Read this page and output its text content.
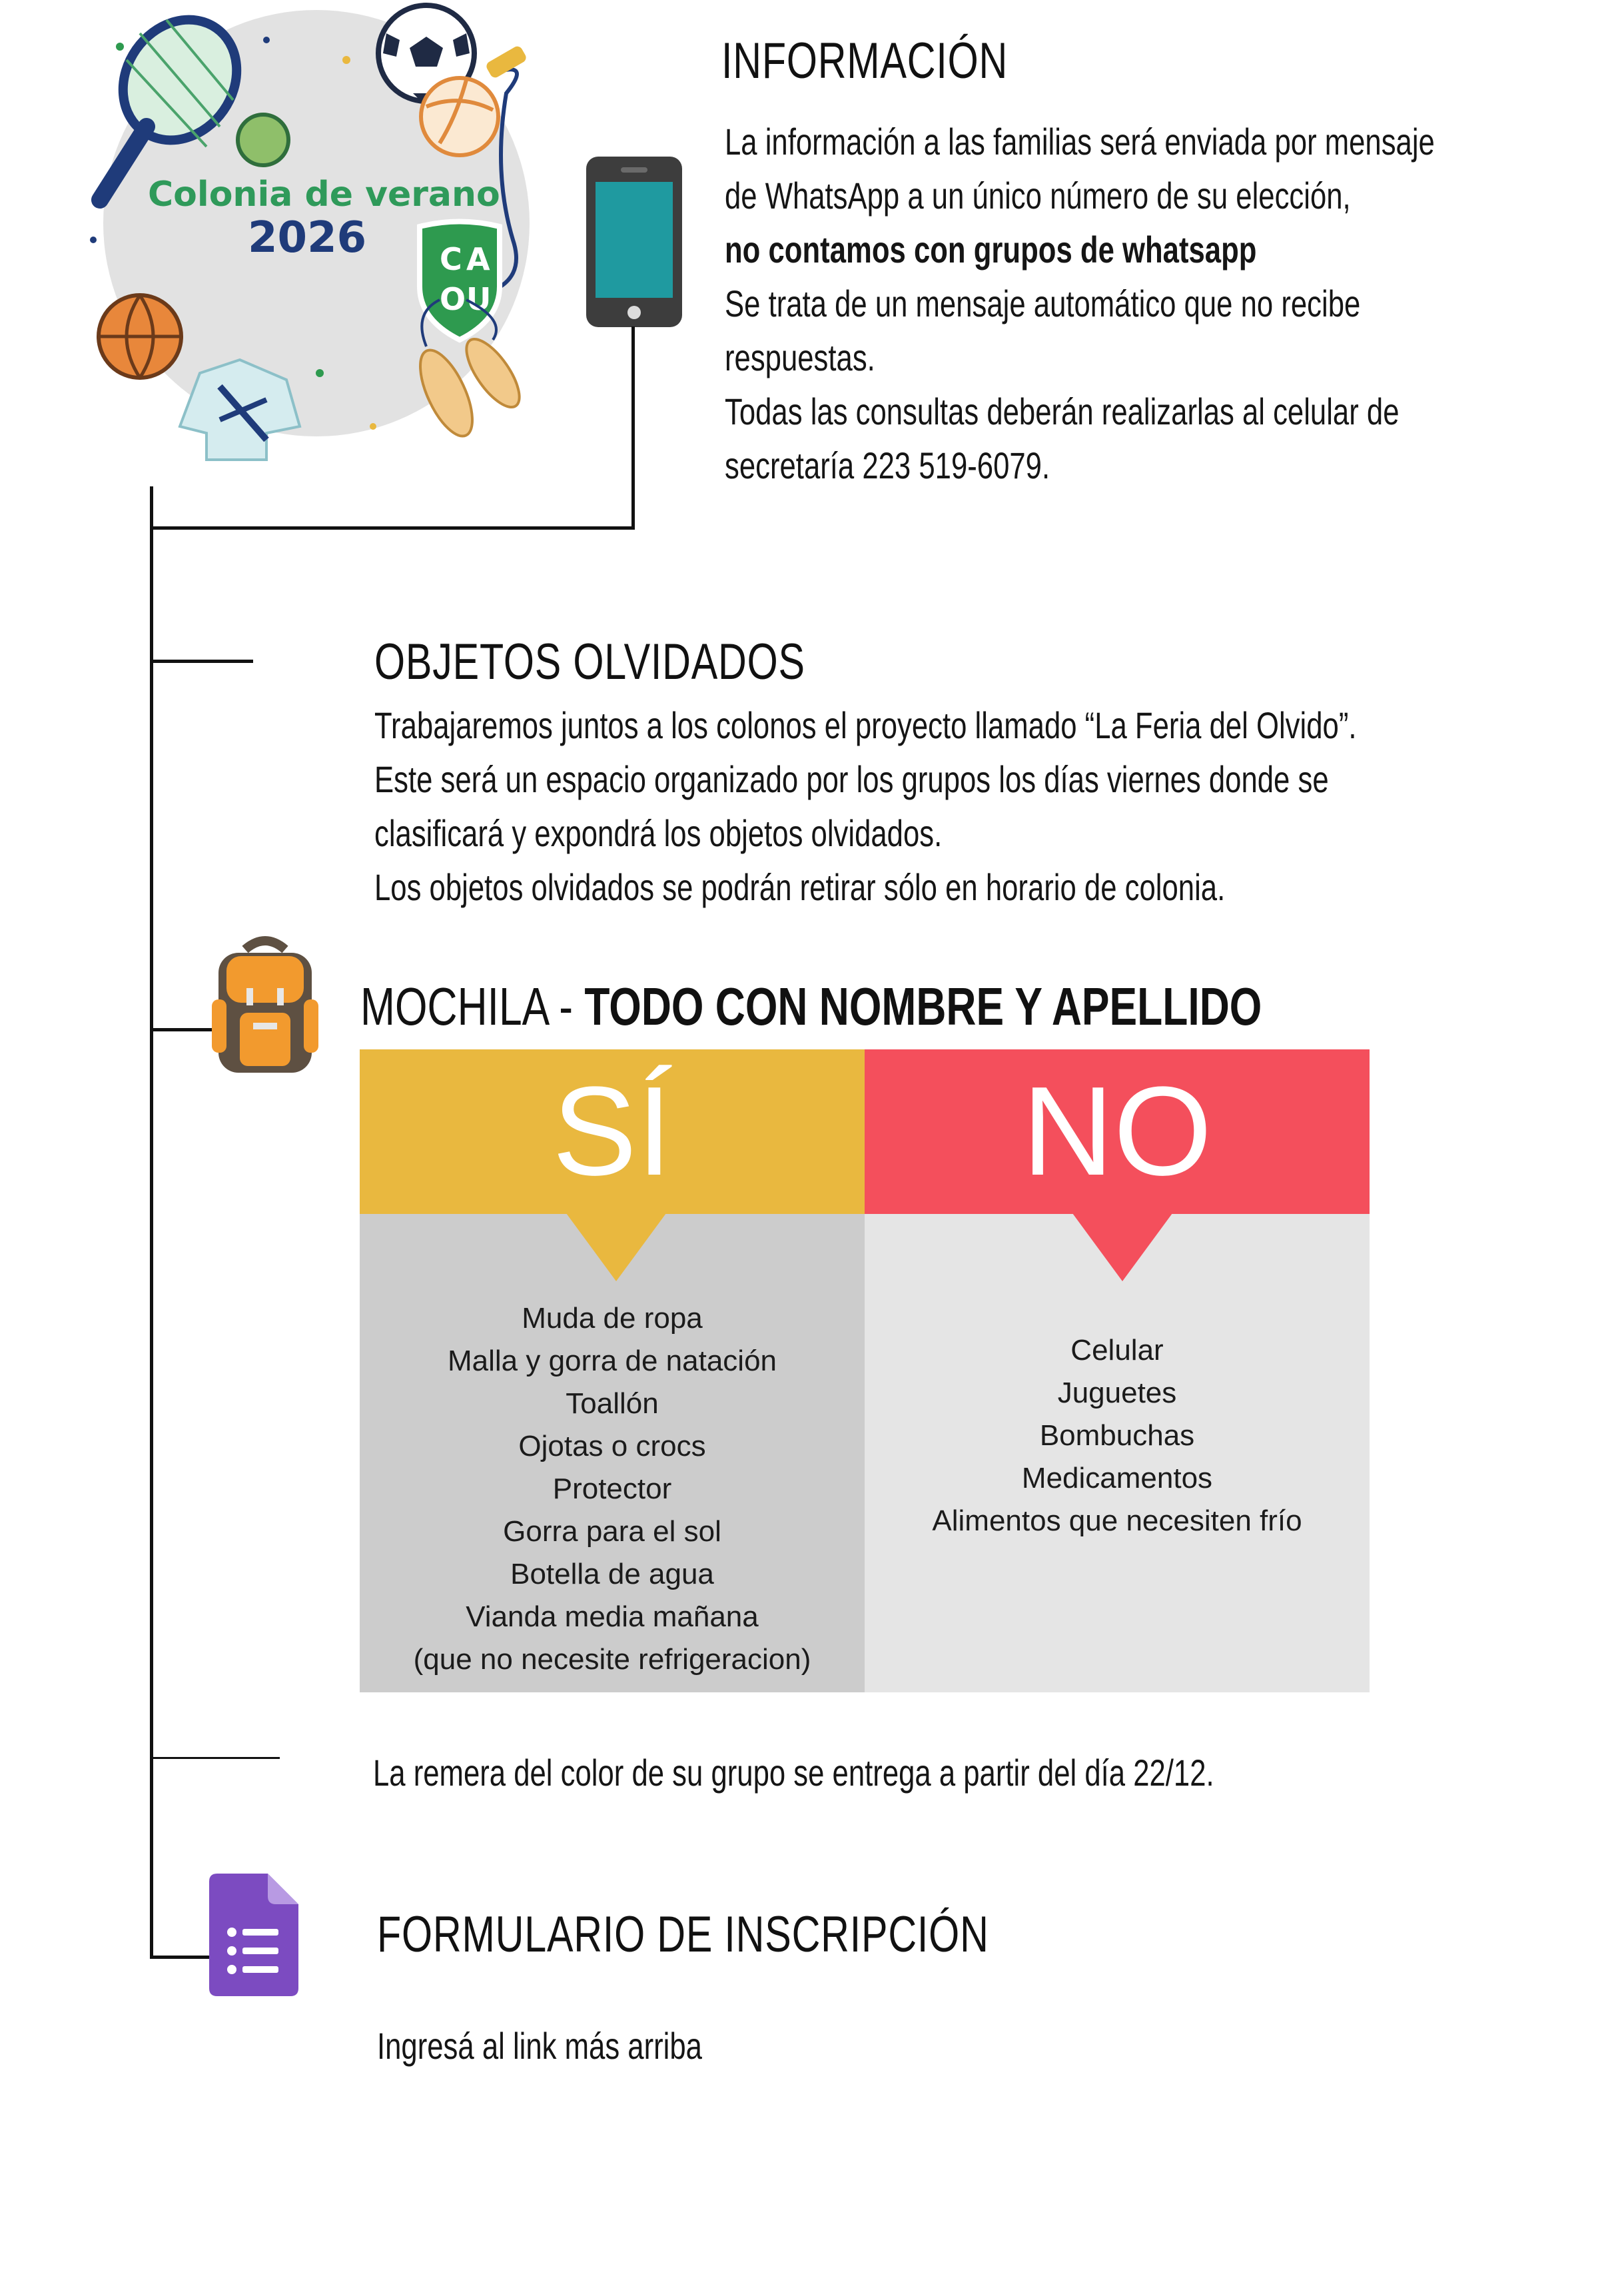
C A
O U
Colonia de verano
2026
INFORMACIÓN

La información a las familias será enviada por mensaje

de WhatsApp a un único número de su elección,

no contamos con grupos de whatsapp

Se trata de un mensaje automático que no recibe

respuestas.

Todas las consultas deberán realizarlas al celular de

secretaría 223 519-6079.

OBJETOS OLVIDADOS

Trabajaremos juntos a los colonos el proyecto llamado “La Feria del Olvido”.

Este será un espacio organizado por los grupos los días viernes donde se

clasificará y expondrá los objetos olvidados.

Los objetos olvidados se podrán retirar sólo en horario de colonia.

MOCHILA - TODO CON NOMBRE Y APELLIDO
SÍ
Muda de ropa
Malla y gorra de natación
Toallón
Ojotas o crocs
Protector
Gorra para el sol
Botella de agua
Vianda media mañana
(que no necesite refrigeracion)
NO
Celular
Juguetes
Bombuchas
Medicamentos
Alimentos que necesiten frío

La remera del color de su grupo se entrega a partir del día 22/12.

FORMULARIO DE INSCRIPCIÓN

Ingresá al link más arriba
